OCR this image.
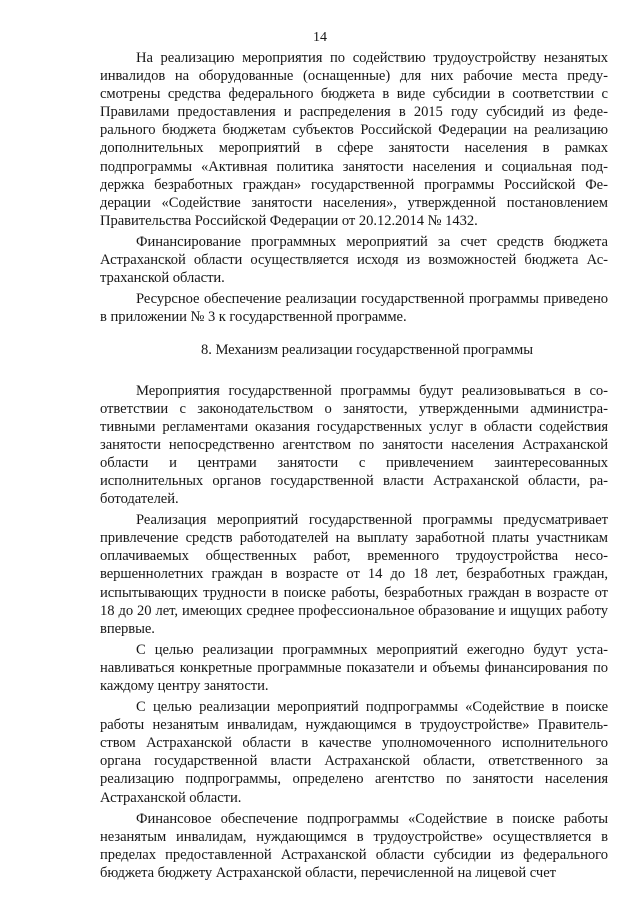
14

На реализацию мероприятия по содействию трудоустройству незанятых инвалидов на оборудованные (оснащенные) для них рабочие места предусмотрены средства федерального бюджета в виде субсидии в соответствии с Правилами предоставления и распределения в 2015 году субсидий из федерального бюджета бюджетам субъектов Российской Федерации на реализацию дополнительных мероприятий в сфере занятости населения в рамках подпрограммы «Активная политика занятости населения и социальная поддержка безработных граждан» государственной программы Российской Федерации «Содействие занятости населения», утвержденной постановлением Правительства Российской Федерации от 20.12.2014 № 1432.

Финансирование программных мероприятий за счет средств бюджета Астраханской области осуществляется исходя из возможностей бюджета Астраханской области.

Ресурсное обеспечение реализации государственной программы приведено в приложении № 3 к государственной программе.

8. Механизм реализации государственной программы

Мероприятия государственной программы будут реализовываться в соответствии с законодательством о занятости, утвержденными административными регламентами оказания государственных услуг в области содействия занятости непосредственно агентством по занятости населения Астраханской области и центрами занятости с привлечением заинтересованных исполнительных органов государственной власти Астраханской области, работодателей.

Реализация мероприятий государственной программы предусматривает привлечение средств работодателей на выплату заработной платы участникам оплачиваемых общественных работ, временного трудоустройства несовершеннолетних граждан в возрасте от 14 до 18 лет, безработных граждан, испытывающих трудности в поиске работы, безработных граждан в возрасте от 18 до 20 лет, имеющих среднее профессиональное образование и ищущих работу впервые.

С целью реализации программных мероприятий ежегодно будут устанавливаться конкретные программные показатели и объемы финансирования по каждому центру занятости.

С целью реализации мероприятий подпрограммы «Содействие в поиске работы незанятым инвалидам, нуждающимся в трудоустройстве» Правительством Астраханской области в качестве уполномоченного исполнительного органа государственной власти Астраханской области, ответственного за реализацию подпрограммы, определено агентство по занятости населения Астраханской области.

Финансовое обеспечение подпрограммы «Содействие в поиске работы незанятым инвалидам, нуждающимся в трудоустройстве» осуществляется в пределах предоставленной Астраханской области субсидии из федерального бюджета бюджету Астраханской области, перечисленной на лицевой счет
